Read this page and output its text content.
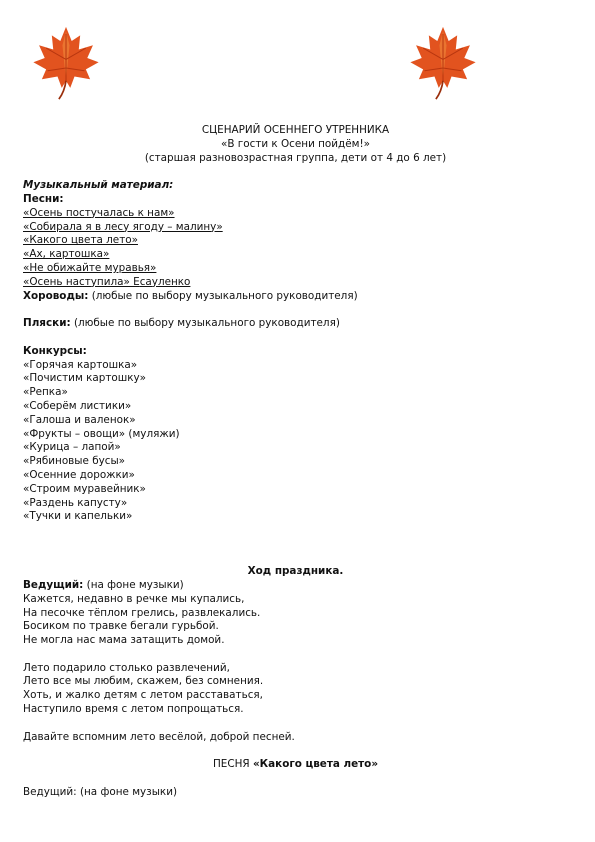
СЦЕНАРИЙ ОСЕННЕГО УТРЕННИКА
«В гости к Осени пойдём!»
(старшая разновозрастная группа, дети от 4 до 6 лет)
Музыкальный материал:
Песни:
«Осень постучалась к нам»
«Собирала я в лесу ягоду – малину»
«Какого цвета лето»
«Ах, картошка»
«Не обижайте муравья»
«Осень наступила» Есауленко
Хороводы: (любые по выбору музыкального руководителя)
Пляски: (любые по выбору музыкального руководителя)
Конкурсы:
«Горячая картошка»
«Почистим картошку»
«Репка»
«Соберём листики»
«Галоша и валенок»
«Фрукты – овощи» (муляжи)
«Курица – лапой»
«Рябиновые бусы»
«Осенние дорожки»
«Строим муравейник»
«Раздень капусту»
«Тучки и капельки»
Ход праздника.
Ведущий: (на фоне музыки)
Кажется, недавно в речке мы купались,
На песочке тёплом грелись, развлекались.
Босиком по травке бегали гурьбой.
Не могла нас мама затащить домой.
Лето подарило столько развлечений,
Лето все мы любим, скажем, без сомнения.
Хоть, и жалко детям с летом расставаться,
Наступило время с летом попрощаться.
Давайте вспомним лето весёлой, доброй песней.
ПЕСНЯ «Какого цвета лето»
Ведущий: (на фоне музыки)
